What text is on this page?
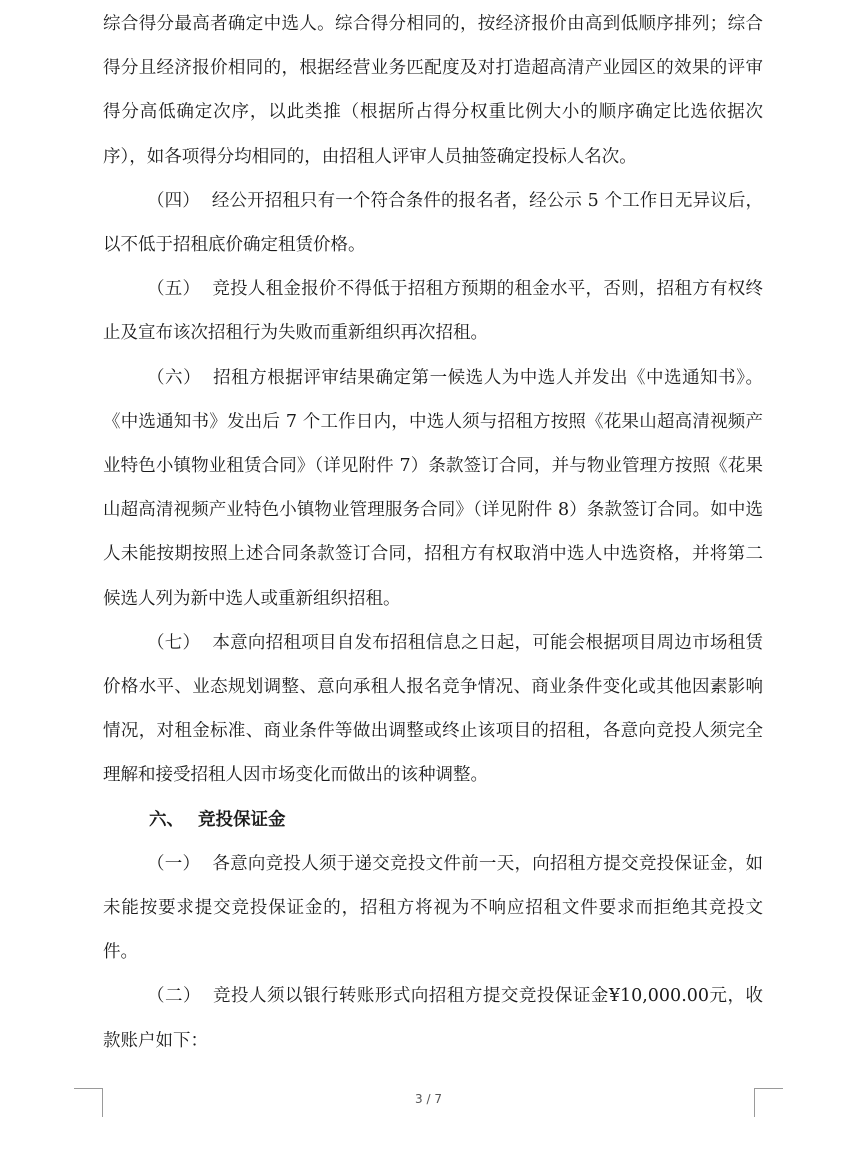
综合得分最高者确定中选人。综合得分相同的，按经济报价由高到低顺序排列；综合得分且经济报价相同的，根据经营业务匹配度及对打造超高清产业园区的效果的评审得分高低确定次序，以此类推（根据所占得分权重比例大小的顺序确定比选依据次序），如各项得分均相同的，由招租人评审人员抽签确定投标人名次。

（四） 经公开招租只有一个符合条件的报名者，经公示 5 个工作日无异议后，以不低于招租底价确定租赁价格。

（五） 竞投人租金报价不得低于招租方预期的租金水平，否则，招租方有权终止及宣布该次招租行为失败而重新组织再次招租。

（六） 招租方根据评审结果确定第一候选人为中选人并发出《中选通知书》。《中选通知书》发出后 7 个工作日内，中选人须与招租方按照《花果山超高清视频产业特色小镇物业租赁合同》（详见附件 7）条款签订合同，并与物业管理方按照《花果山超高清视频产业特色小镇物业管理服务合同》（详见附件 8）条款签订合同。如中选人未能按期按照上述合同条款签订合同，招租方有权取消中选人中选资格，并将第二候选人列为新中选人或重新组织招租。

（七） 本意向招租项目自发布招租信息之日起，可能会根据项目周边市场租赁价格水平、业态规划调整、意向承租人报名竞争情况、商业条件变化或其他因素影响情况，对租金标准、商业条件等做出调整或终止该项目的招租，各意向竞投人须完全理解和接受招租人因市场变化而做出的该种调整。

六、 竞投保证金

（一） 各意向竞投人须于递交竞投文件前一天，向招租方提交竞投保证金，如未能按要求提交竞投保证金的，招租方将视为不响应招租文件要求而拒绝其竞投文件。

（二） 竞投人须以银行转账形式向招租方提交竞投保证金¥10,000.00元，收款账户如下：

3 / 7
